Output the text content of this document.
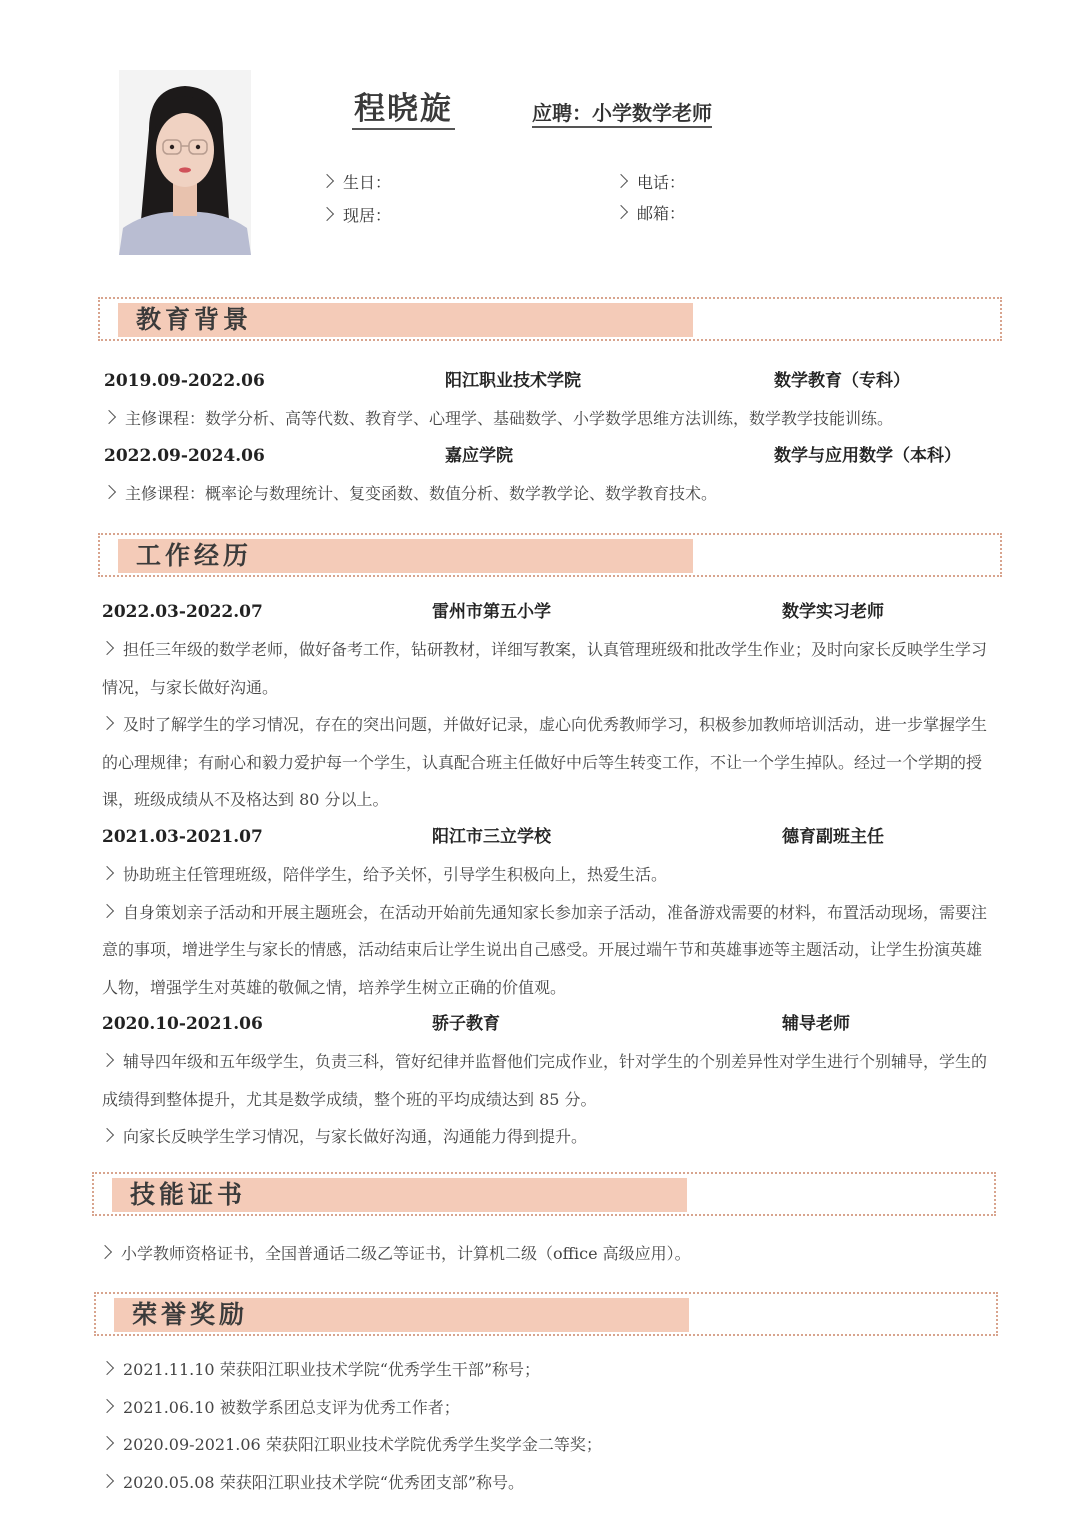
程晓旋	应聘：小学数学老师
生日：	电话：
现居：	邮箱：
教育背景
2019.09-2022.06	阳江职业技术学院	数学教育（专科）
主修课程：数学分析、高等代数、教育学、心理学、基础数学、小学数学思维方法训练，数学教学技能训练。
2022.09-2024.06	嘉应学院	数学与应用数学（本科）
主修课程：概率论与数理统计、复变函数、数值分析、数学教学论、数学教育技术。
工作经历
2022.03-2022.07	雷州市第五小学	数学实习老师
担任三年级的数学老师，做好备考工作，钻研教材，详细写教案，认真管理班级和批改学生作业；及时向家长反映学生学习情况，与家长做好沟通。
及时了解学生的学习情况，存在的突出问题，并做好记录，虚心向优秀教师学习，积极参加教师培训活动，进一步掌握学生的心理规律；有耐心和毅力爱护每一个学生，认真配合班主任做好中后等生转变工作，不让一个学生掉队。经过一个学期的授课，班级成绩从不及格达到 80 分以上。
2021.03-2021.07	阳江市三立学校	德育副班主任
协助班主任管理班级，陪伴学生，给予关怀，引导学生积极向上，热爱生活。
自身策划亲子活动和开展主题班会，在活动开始前先通知家长参加亲子活动，准备游戏需要的材料，布置活动现场，需要注意的事项，增进学生与家长的情感，活动结束后让学生说出自己感受。开展过端午节和英雄事迹等主题活动，让学生扮演英雄人物，增强学生对英雄的敬佩之情，培养学生树立正确的价值观。
2020.10-2021.06	骄子教育	辅导老师
辅导四年级和五年级学生，负责三科，管好纪律并监督他们完成作业，针对学生的个别差异性对学生进行个别辅导，学生的成绩得到整体提升，尤其是数学成绩，整个班的平均成绩达到 85 分。
向家长反映学生学习情况，与家长做好沟通，沟通能力得到提升。
技能证书
小学教师资格证书，全国普通话二级乙等证书，计算机二级（office 高级应用）。
荣誉奖励
2021.11.10 荣获阳江职业技术学院“优秀学生干部”称号；
2021.06.10 被数学系团总支评为优秀工作者；
2020.09-2021.06 荣获阳江职业技术学院优秀学生奖学金二等奖；
2020.05.08 荣获阳江职业技术学院“优秀团支部”称号。
